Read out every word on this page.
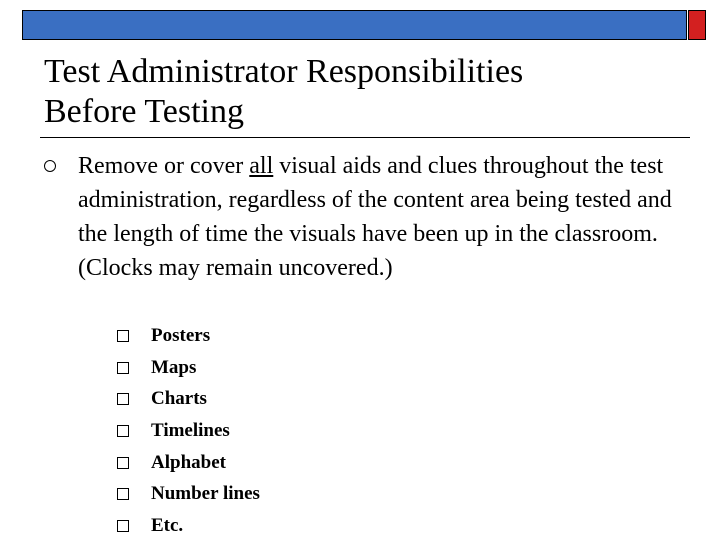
Test Administrator Responsibilities
Before Testing

Remove or cover all visual aids and clues throughout the test administration, regardless of the content area being tested and the length of time the visuals have been up in the classroom.(Clocks may remain uncovered.)

Posters
Maps
Charts
Timelines
Alphabet
Number lines
Etc.
